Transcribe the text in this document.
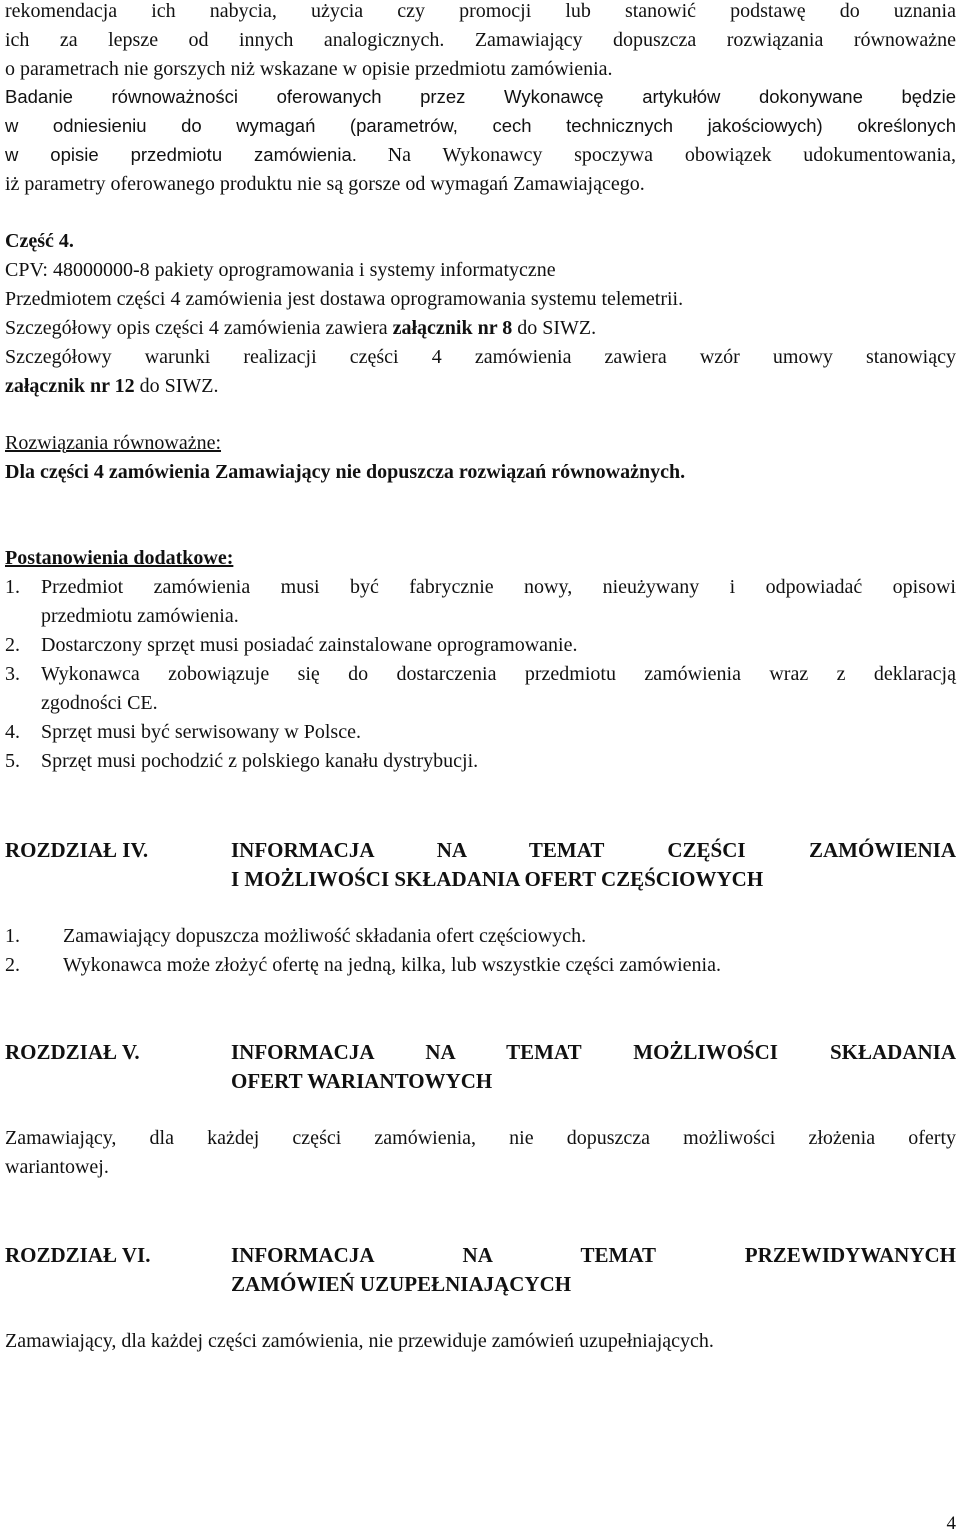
rekomendacja ich nabycia, użycia czy promocji lub stanowić podstawę do uznania
ich za lepsze od innych analogicznych. Zamawiający dopuszcza rozwiązania równoważne
o parametrach nie gorszych niż wskazane w opisie przedmiotu zamówienia.
Badanie równoważności oferowanych przez Wykonawcę artykułów dokonywane będzie
w odniesieniu do wymagań (parametrów, cech technicznych jakościowych) określonych
w opisie przedmiotu zamówienia. Na Wykonawcy spoczywa obowiązek udokumentowania,
iż parametry oferowanego produktu nie są gorsze od wymagań Zamawiającego.
Część 4.
CPV: 48000000-8 pakiety oprogramowania i systemy informatyczne
Przedmiotem części 4 zamówienia jest dostawa oprogramowania systemu telemetrii.
Szczegółowy opis części 4 zamówienia zawiera załącznik nr 8 do SIWZ.
Szczegółowy warunki realizacji części 4 zamówienia zawiera wzór umowy stanowiący
załącznik nr 12 do SIWZ.
Rozwiązania równoważne:
Dla części 4 zamówienia Zamawiający nie dopuszcza rozwiązań równoważnych.
Postanowienia dodatkowe:
1.	Przedmiot zamówienia musi być fabrycznie nowy, nieużywany i odpowiadać opisowi
przedmiotu zamówienia.
2.	Dostarczony sprzęt musi posiadać zainstalowane oprogramowanie.
3.	Wykonawca zobowiązuje się do dostarczenia przedmiotu zamówienia wraz z deklaracją
zgodności CE.
4.	Sprzęt musi być serwisowany w Polsce.
5.	Sprzęt musi pochodzić z polskiego kanału dystrybucji.
ROZDZIAŁ IV.	INFORMACJA NA TEMAT CZĘŚCI ZAMÓWIENIA
I MOŻLIWOŚCI SKŁADANIA OFERT CZĘŚCIOWYCH
1. Zamawiający dopuszcza możliwość składania ofert częściowych.
2. Wykonawca może złożyć ofertę na jedną, kilka, lub wszystkie części zamówienia.
ROZDZIAŁ V.	INFORMACJA NA TEMAT MOŻLIWOŚCI SKŁADANIA
OFERT WARIANTOWYCH
Zamawiający, dla każdej części zamówienia, nie dopuszcza możliwości złożenia oferty
wariantowej.
ROZDZIAŁ VI.	INFORMACJA NA TEMAT PRZEWIDYWANYCH
ZAMÓWIEŃ UZUPEŁNIAJĄCYCH
Zamawiający, dla każdej części zamówienia, nie przewiduje zamówień uzupełniających.
4
